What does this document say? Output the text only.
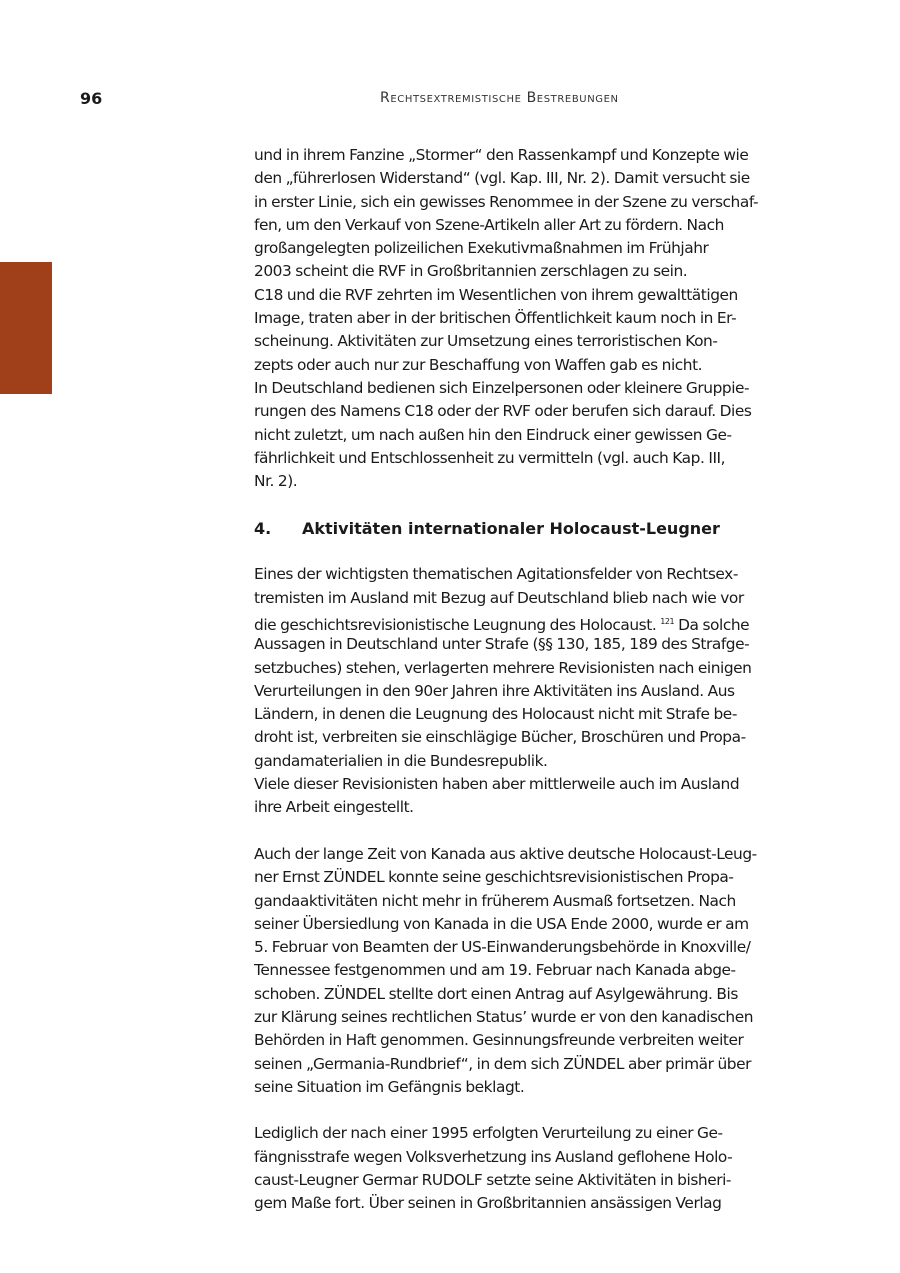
96	Rechtsextremistische Bestrebungen
und in ihrem Fanzine „Stormer“ den Rassenkampf und Konzepte wie
den „führerlosen Widerstand“ (vgl. Kap. III, Nr. 2). Damit versucht sie
in erster Linie, sich ein gewisses Renommee in der Szene zu verschaf-
fen, um den Verkauf von Szene-Artikeln aller Art zu fördern. Nach
großangelegten polizeilichen Exekutivmaßnahmen im Frühjahr
2003 scheint die RVF in Großbritannien zerschlagen zu sein.
C18 und die RVF zehrten im Wesentlichen von ihrem gewalttätigen
Image, traten aber in der britischen Öffentlichkeit kaum noch in Er-
scheinung. Aktivitäten zur Umsetzung eines terroristischen Kon-
zepts oder auch nur zur Beschaffung von Waffen gab es nicht.
In Deutschland bedienen sich Einzelpersonen oder kleinere Gruppie-
rungen des Namens C18 oder der RVF oder berufen sich darauf. Dies
nicht zuletzt, um nach außen hin den Eindruck einer gewissen Ge-
fährlichkeit und Entschlossenheit zu vermitteln (vgl. auch Kap. III,
Nr. 2).
4.	Aktivitäten internationaler Holocaust-Leugner
Eines der wichtigsten thematischen Agitationsfelder von Rechtsex-
tremisten im Ausland mit Bezug auf Deutschland blieb nach wie vor
die geschichtsrevisionistische Leugnung des Holocaust. $^{121}$ Da solche
Aussagen in Deutschland unter Strafe (§§ 130, 185, 189 des Strafge-
setzbuches) stehen, verlagerten mehrere Revisionisten nach einigen
Verurteilungen in den 90er Jahren ihre Aktivitäten ins Ausland. Aus
Ländern, in denen die Leugnung des Holocaust nicht mit Strafe be-
droht ist, verbreiten sie einschlägige Bücher, Broschüren und Propa-
gandamaterialien in die Bundesrepublik.
Viele dieser Revisionisten haben aber mittlerweile auch im Ausland
ihre Arbeit eingestellt.
Auch der lange Zeit von Kanada aus aktive deutsche Holocaust-Leug-
ner Ernst ZÜNDEL konnte seine geschichtsrevisionistischen Propa-
gandaaktivitäten nicht mehr in früherem Ausmaß fortsetzen. Nach
seiner Übersiedlung von Kanada in die USA Ende 2000, wurde er am
5. Februar von Beamten der US-Einwanderungsbehörde in Knoxville/
Tennessee festgenommen und am 19. Februar nach Kanada abge-
schoben. ZÜNDEL stellte dort einen Antrag auf Asylgewährung. Bis
zur Klärung seines rechtlichen Status’ wurde er von den kanadischen
Behörden in Haft genommen. Gesinnungsfreunde verbreiten weiter
seinen „Germania-Rundbrief“, in dem sich ZÜNDEL aber primär über
seine Situation im Gefängnis beklagt.
Lediglich der nach einer 1995 erfolgten Verurteilung zu einer Ge-
fängnisstrafe wegen Volksverhetzung ins Ausland geflohene Holo-
caust-Leugner Germar RUDOLF setzte seine Aktivitäten in bisheri-
gem Maße fort. Über seinen in Großbritannien ansässigen Verlag
